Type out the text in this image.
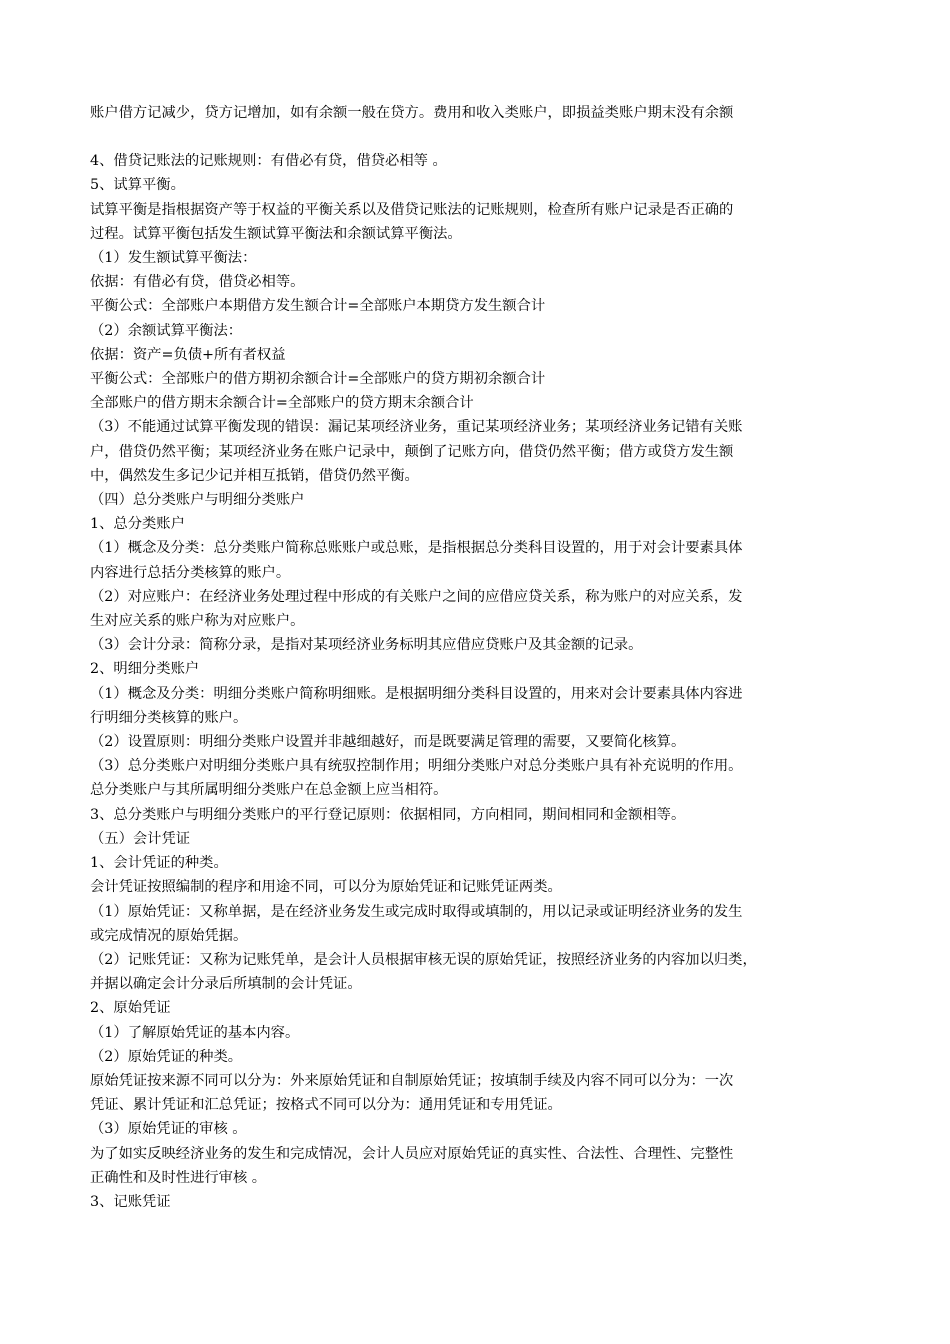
账户借方记减少，贷方记增加，如有余额一般在贷方。费用和收入类账户，即损益类账户期末没有余额
4、借贷记账法的记账规则：有借必有贷，借贷必相等 。
5、试算平衡。
试算平衡是指根据资产等于权益的平衡关系以及借贷记账法的记账规则，检查所有账户记录是否正确的
过程。试算平衡包括发生额试算平衡法和余额试算平衡法。
（1）发生额试算平衡法：
依据：有借必有贷，借贷必相等。
平衡公式：全部账户本期借方发生额合计=全部账户本期贷方发生额合计
（2）余额试算平衡法：
依据：资产=负债+所有者权益
平衡公式：全部账户的借方期初余额合计=全部账户的贷方期初余额合计
全部账户的借方期末余额合计=全部账户的贷方期末余额合计
（3）不能通过试算平衡发现的错误：漏记某项经济业务，重记某项经济业务；某项经济业务记错有关账
户，借贷仍然平衡；某项经济业务在账户记录中，颠倒了记账方向，借贷仍然平衡；借方或贷方发生额
中，偶然发生多记少记并相互抵销，借贷仍然平衡。
（四）总分类账户与明细分类账户
1、总分类账户
（1）概念及分类：总分类账户简称总账账户或总账，是指根据总分类科目设置的，用于对会计要素具体
内容进行总括分类核算的账户。
（2）对应账户：在经济业务处理过程中形成的有关账户之间的应借应贷关系，称为账户的对应关系，发
生对应关系的账户称为对应账户。
（3）会计分录：简称分录，是指对某项经济业务标明其应借应贷账户及其金额的记录。
2、明细分类账户
（1）概念及分类：明细分类账户简称明细账。是根据明细分类科目设置的，用来对会计要素具体内容进
行明细分类核算的账户。
（2）设置原则：明细分类账户设置并非越细越好，而是既要满足管理的需要，又要简化核算。
（3）总分类账户对明细分类账户具有统驭控制作用；明细分类账户对总分类账户具有补充说明的作用。
总分类账户与其所属明细分类账户在总金额上应当相符。
3、总分类账户与明细分类账户的平行登记原则：依据相同，方向相同，期间相同和金额相等。
（五）会计凭证
1、会计凭证的种类。
会计凭证按照编制的程序和用途不同，可以分为原始凭证和记账凭证两类。
（1）原始凭证：又称单据，是在经济业务发生或完成时取得或填制的，用以记录或证明经济业务的发生
或完成情况的原始凭据。
（2）记账凭证：又称为记账凭单，是会计人员根据审核无误的原始凭证，按照经济业务的内容加以归类，
并据以确定会计分录后所填制的会计凭证。
2、原始凭证
（1）了解原始凭证的基本内容。
（2）原始凭证的种类。
原始凭证按来源不同可以分为：外来原始凭证和自制原始凭证；按填制手续及内容不同可以分为：一次
凭证、累计凭证和汇总凭证；按格式不同可以分为：通用凭证和专用凭证。
（3）原始凭证的审核 。
为了如实反映经济业务的发生和完成情况，会计人员应对原始凭证的真实性、合法性、合理性、完整性
正确性和及时性进行审核 。
3、记账凭证
